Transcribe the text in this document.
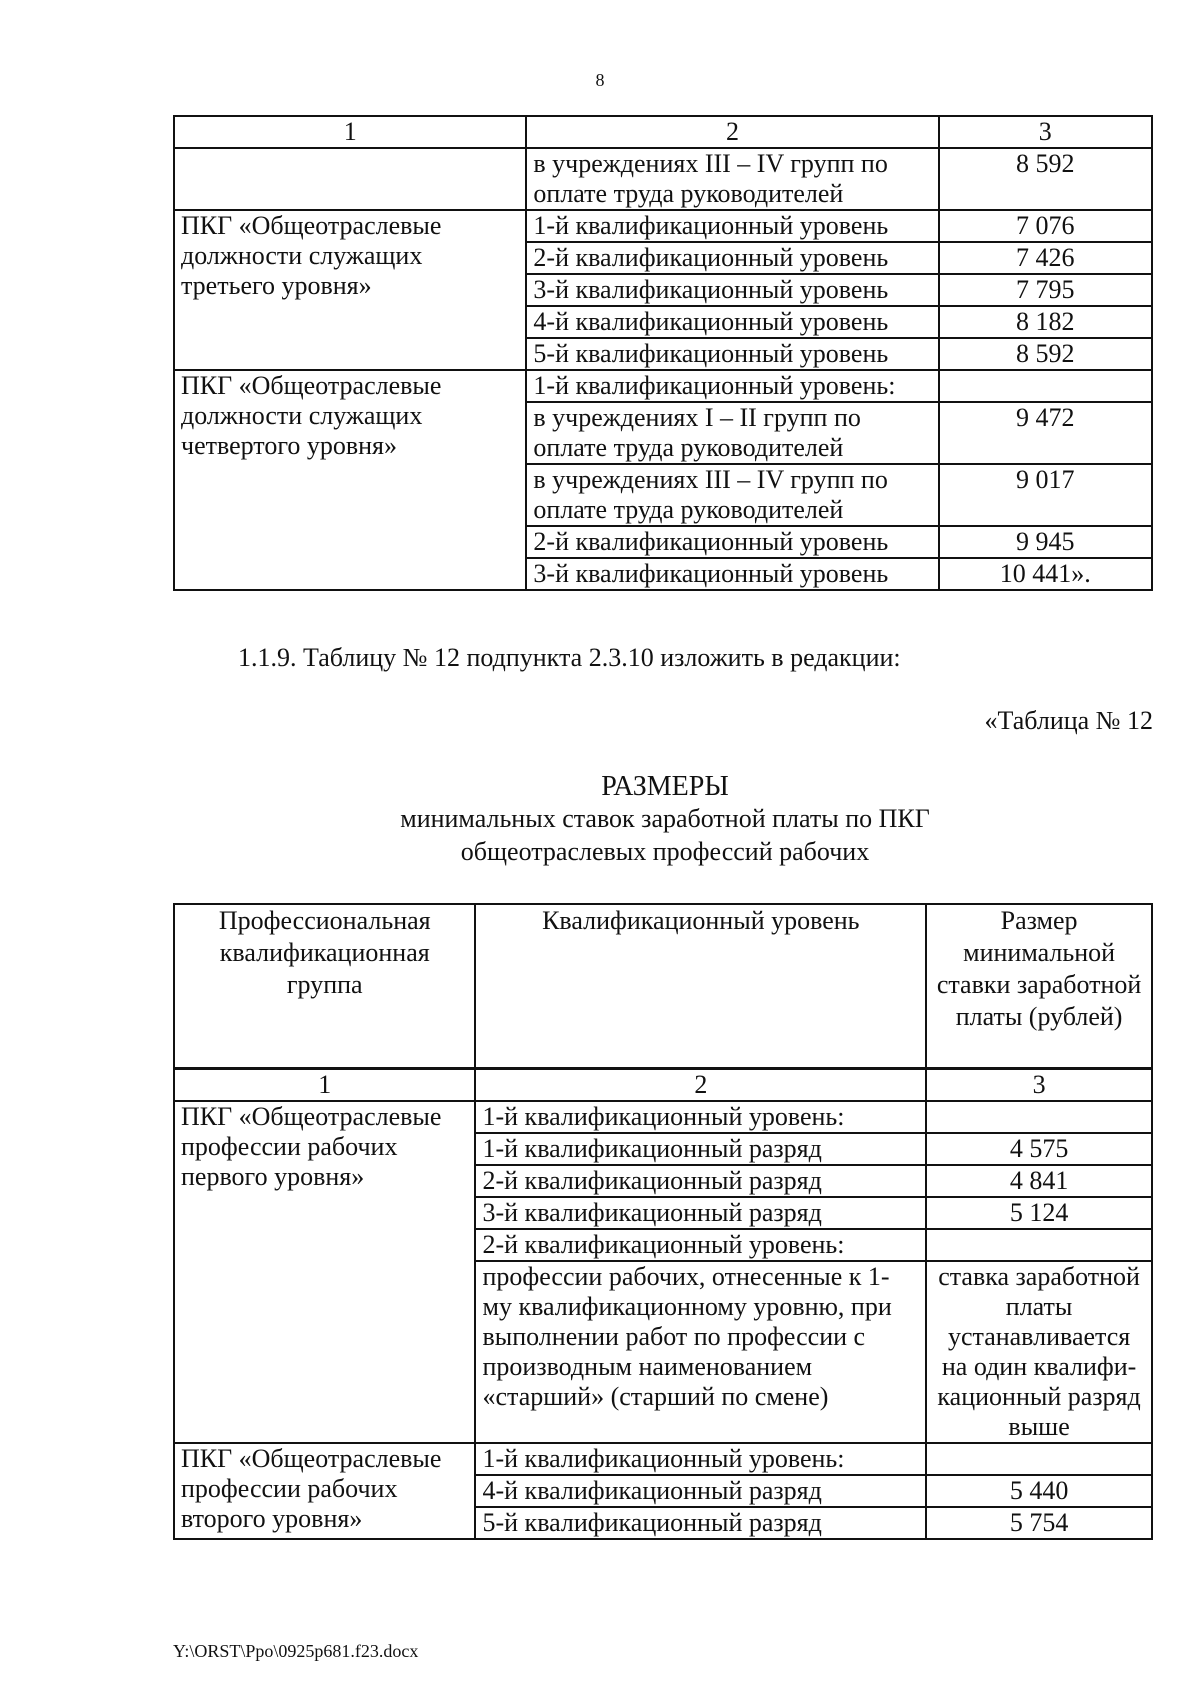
8
1	2	3
	в учреждениях III – IV групп по оплате труда руководителей	8 592
ПКГ «Общеотраслевые должности служащих третьего уровня»	1-й квалификационный уровень	7 076
	2-й квалификационный уровень	7 426
	3-й квалификационный уровень	7 795
	4-й квалификационный уровень	8 182
	5-й квалификационный уровень	8 592
ПКГ «Общеотраслевые должности служащих четвертого уровня»	1-й квалификационный уровень:	
	в учреждениях I – II групп по оплате труда руководителей	9 472
	в учреждениях III – IV групп по оплате труда руководителей	9 017
	2-й квалификационный уровень	9 945
	3-й квалификационный уровень	10 441».
1.1.9. Таблицу № 12 подпункта 2.3.10 изложить в редакции:
«Таблица № 12
РАЗМЕРЫ
минимальных ставок заработной платы по ПКГ
общеотраслевых профессий рабочих
Профессиональная квалификационная группа	Квалификационный уровень	Размер минимальной ставки заработной платы (рублей)
1	2	3
ПКГ «Общеотраслевые профессии рабочих первого уровня»	1-й квалификационный уровень:	
	1-й квалификационный разряд	4 575
	2-й квалификационный разряд	4 841
	3-й квалификационный разряд	5 124
	2-й квалификационный уровень:	
	профессии рабочих, отнесенные к 1-му квалификационному уровню, при выполнении работ по профессии с производным наименованием «старший» (старший по смене)	ставка заработной платы устанавливается на один квалифи-кационный разряд выше
ПКГ «Общеотраслевые профессии рабочих второго уровня»	1-й квалификационный уровень:	
	4-й квалификационный разряд	5 440
	5-й квалификационный разряд	5 754
Y:\ORST\Ppo\0925p681.f23.docx
